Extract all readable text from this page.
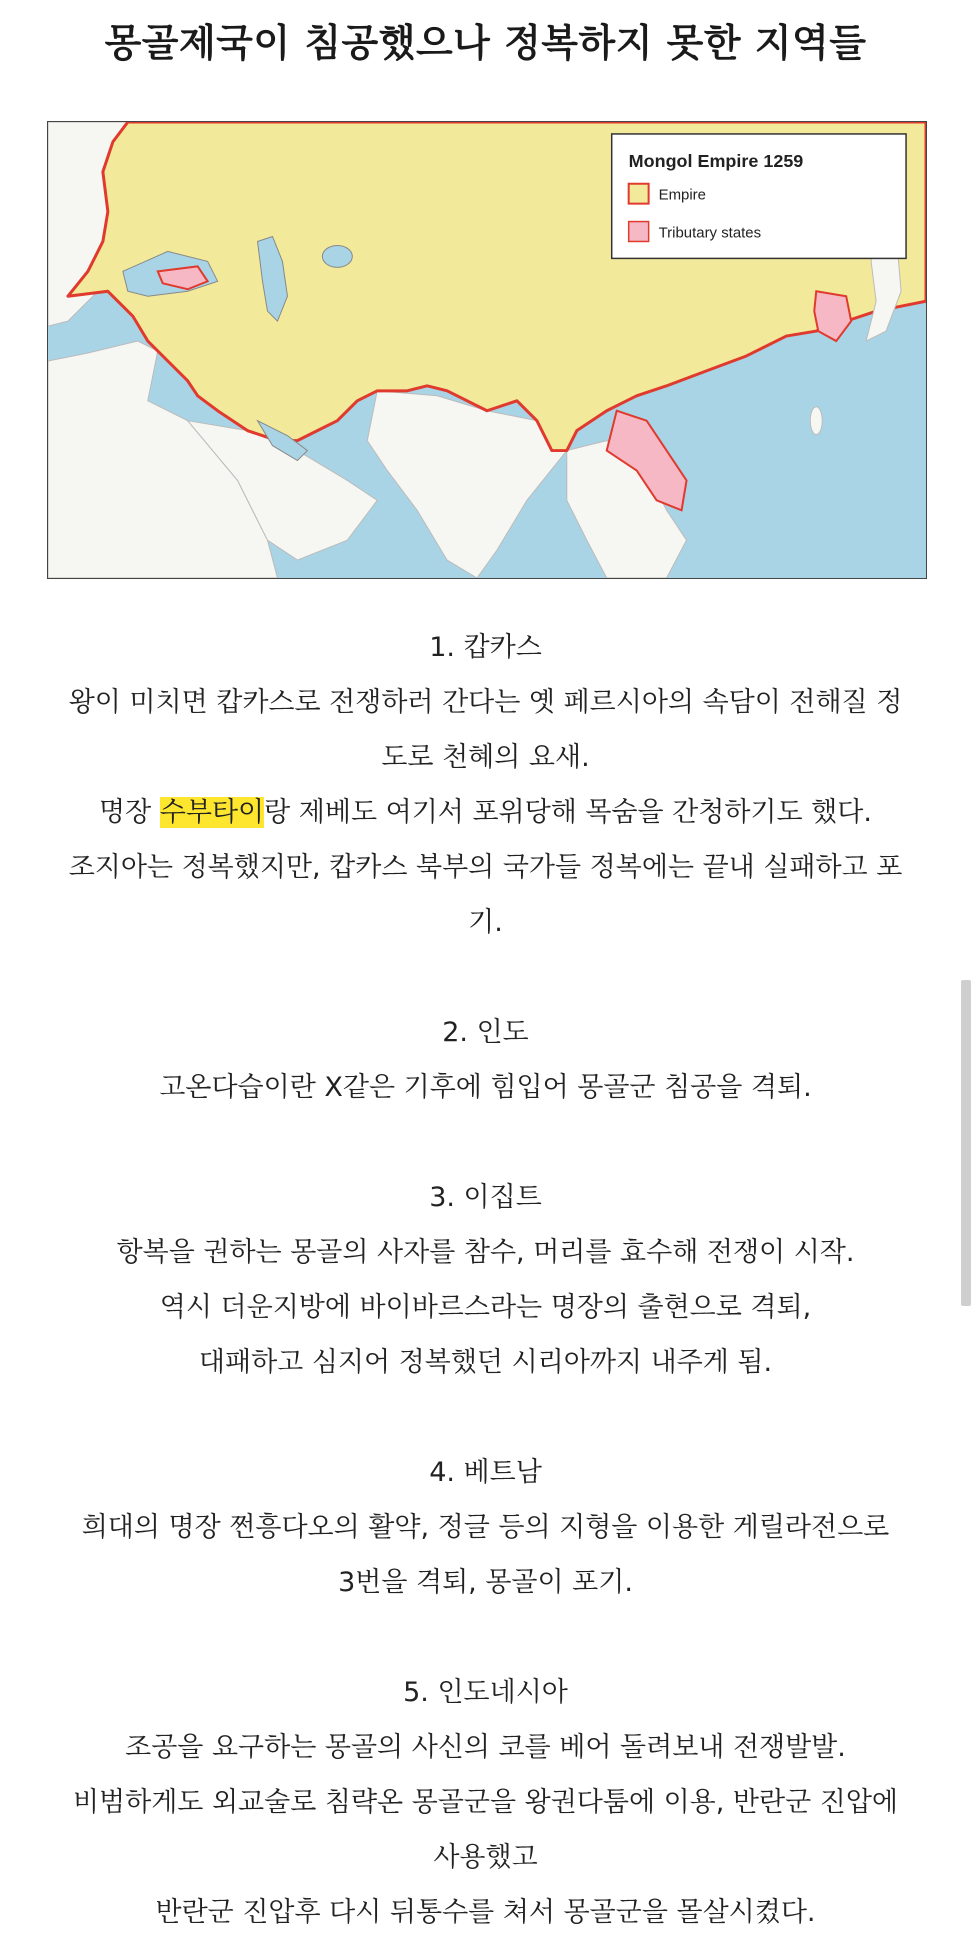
몽골제국이 침공했으나 정복하지 못한 지역들
Mongol Empire 1259
Empire
Tributary states
1. 캅카스
왕이 미치면 캅카스로 전쟁하러 간다는 옛 페르시아의 속담이 전해질 정
도로 천혜의 요새.
명장 수부타이랑 제베도 여기서 포위당해 목숨을 간청하기도 했다.
조지아는 정복했지만, 캅카스 북부의 국가들 정복에는 끝내 실패하고 포
기.
2. 인도
고온다습이란 X같은 기후에 힘입어 몽골군 침공을 격퇴.
3. 이집트
항복을 권하는 몽골의 사자를 참수, 머리를 효수해 전쟁이 시작.
역시 더운지방에 바이바르스라는 명장의 출현으로 격퇴,
대패하고 심지어 정복했던 시리아까지 내주게 됨.
4. 베트남
희대의 명장 쩐흥다오의 활약, 정글 등의 지형을 이용한 게릴라전으로
3번을 격퇴, 몽골이 포기.
5. 인도네시아
조공을 요구하는 몽골의 사신의 코를 베어 돌려보내 전쟁발발.
비범하게도 외교술로 침략온 몽골군을 왕권다툼에 이용, 반란군 진압에
사용했고
반란군 진압후 다시 뒤통수를 쳐서 몽골군을 몰살시켰다.
